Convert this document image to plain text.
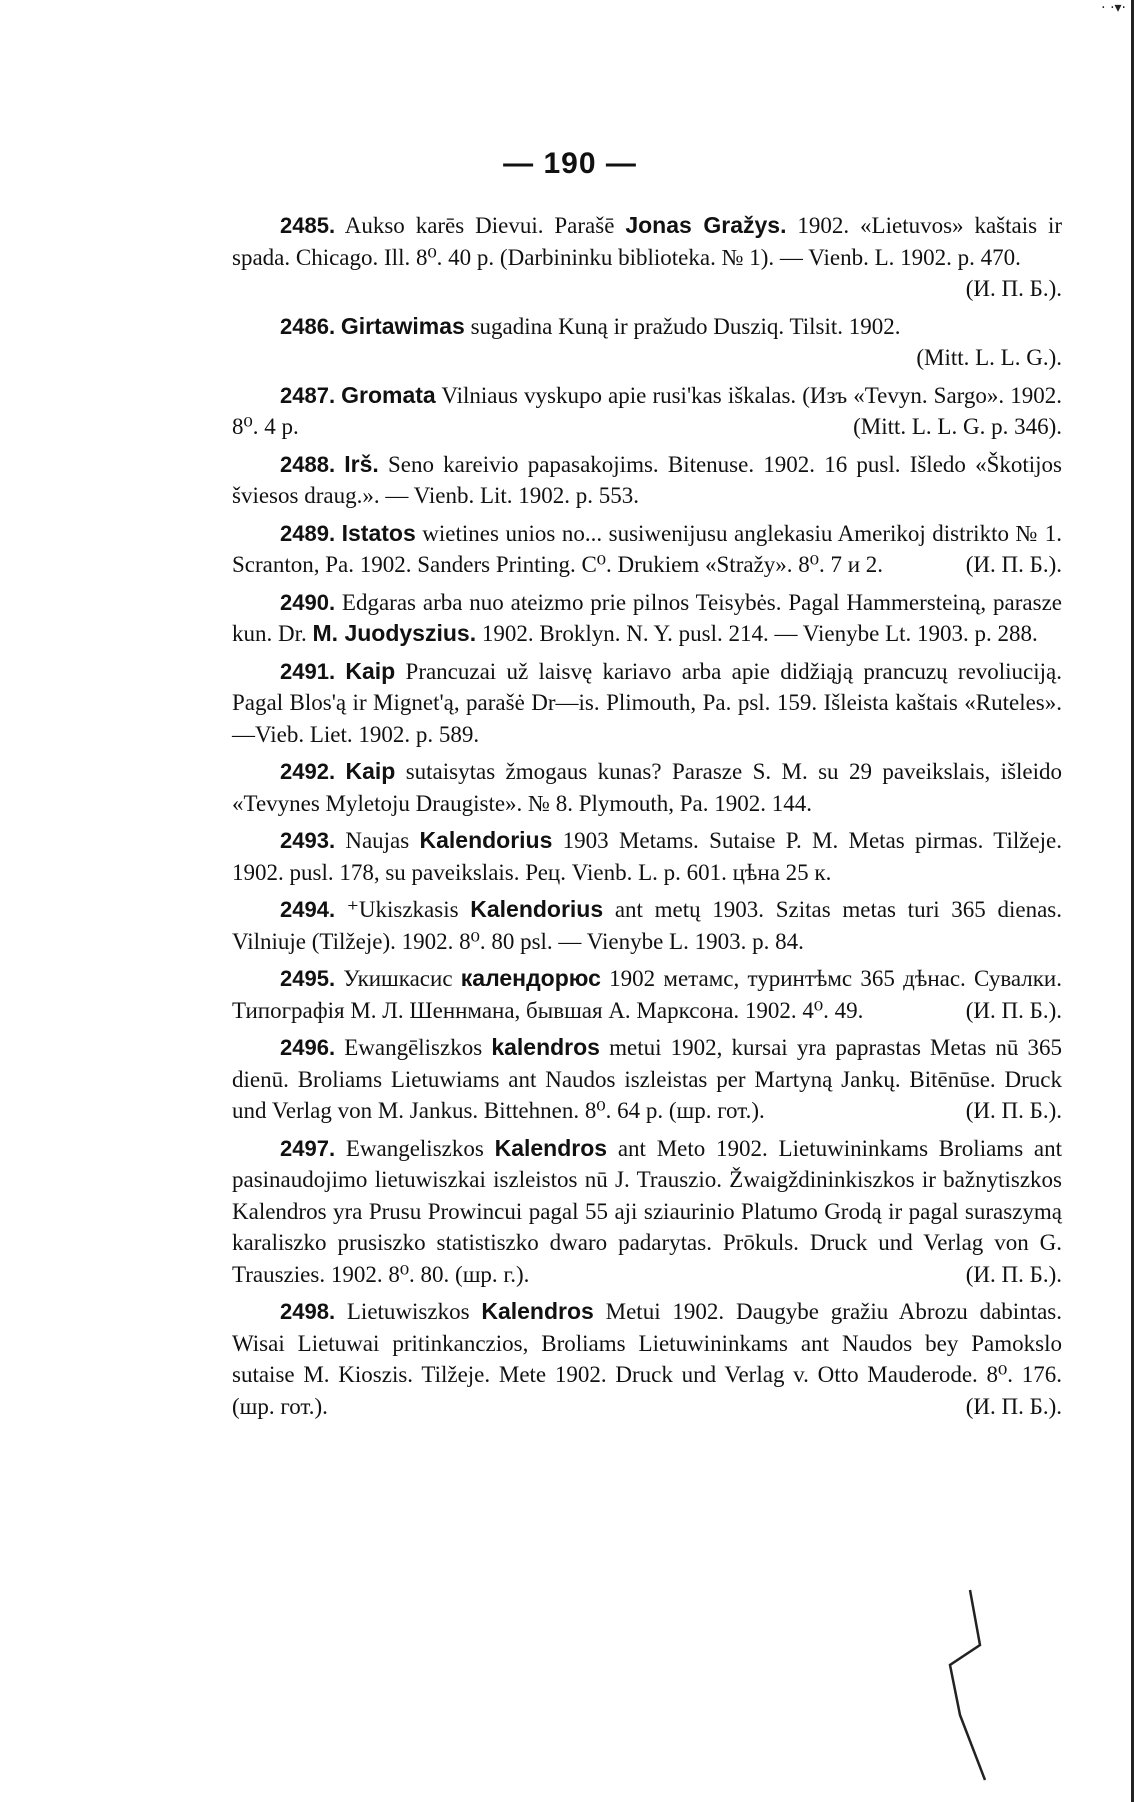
· ·▾·
— 190 —
2485. Aukso karēs Dievui. Parašē Jonas Gražys. 1902. «Lietuvos» kaštais ir spada. Chicago. Ill. 8⁰. 40 p. (Darbininku biblioteka. № 1). — Vienb. L. 1902. p. 470.
(И. П. Б.).
2486. Girtawimas sugadina Kuną ir pražudo Dusziq. Tilsit. 1902.
(Mitt. L. L. G.).
2487. Gromata Vilniaus vyskupo apie rusi'kas iškalas. (Изъ «Tevyn. Sargo». 1902. 8⁰. 4 p.	(Mitt. L. L. G. p. 346).
2488. Irš. Seno kareivio papasakojims. Bitenuse. 1902. 16 pusl. Išledo «Škotijos šviesos draug.». — Vienb. Lit. 1902. p. 553.
2489. Istatos wietines unios no... susiwenijusu anglekasiu Amerikoj distrikto № 1. Scranton, Pa. 1902. Sanders Printing. C⁰. Drukiem «Stražy». 8⁰. 7 и 2.	(И. П. Б.).
2490. Edgaras arba nuo ateizmo prie pilnos Teisybės. Pagal Hammersteiną, parasze kun. Dr. M. Juodyszius. 1902. Broklyn. N. Y. pusl. 214. — Vienybe Lt. 1903. p. 288.
2491. Kaip Prancuzai už laisvę kariavo arba apie didžiąją prancuzų revoliuciją. Pagal Blos'ą ir Mignet'ą, parašė Dr—is. Plimouth, Pa. psl. 159. Išleista kaštais «Ruteles».—Vieb. Liet. 1902. p. 589.
2492. Kaip sutaisytas žmogaus kunas? Parasze S. M. su 29 paveikslais, išleido «Tevynes Myletoju Draugiste». № 8. Plymouth, Pa. 1902. 144.
2493. Naujas Kalendorius 1903 Metams. Sutaise P. M. Metas pirmas. Tilžeje. 1902. pusl. 178, su paveikslais. Рец. Vienb. L. p. 601. цѣна 25 к.
2494. ⁺Ukiszkasis Kalendorius ant metų 1903. Szitas metas turi 365 dienas. Vilniuje (Tilžeje). 1902. 8⁰. 80 psl. — Vienybe L. 1903. p. 84.
2495. Укишкасис календорюс 1902 метамс, туринтѣмс 365 дѣнас. Сувалки. Типографія М. Л. Шеннмана, бывшая А. Марксона. 1902. 4⁰. 49.	(И. П. Б.).
2496. Ewangēliszkos kalendros metui 1902, kursai yra paprastas Metas nū 365 dienū. Broliams Lietuwiams ant Naudos iszleistas per Martyną Jankų. Bitēnūse. Druck und Verlag von M. Jankus. Bittehnen. 8⁰. 64 p. (шр. гот.).	(И. П. Б.).
2497. Ewangeliszkos Kalendros ant Meto 1902. Lietuwininkams Broliams ant pasinaudojimo lietuwiszkai iszleistos nū J. Trauszio. Žwaigždininkiszkos ir bažnytiszkos Kalendros yra Prusu Prowincui pagal 55 aji sziaurinio Platumo Grodą ir pagal suraszymą karaliszko prusiszko statistiszko dwaro padarytas. Prōkuls. Druck und Verlag von G. Trauszies. 1902. 8⁰. 80. (шр. г.).	(И. П. Б.).
2498. Lietuwiszkos Kalendros Metui 1902. Daugybe gražiu Abrozu dabintas. Wisai Lietuwai pritinkanczios, Broliams Lietuwininkams ant Naudos bey Pamokslo sutaise M. Kioszis. Tilžeje. Mete 1902. Druck und Verlag v. Otto Mauderode. 8⁰. 176. (шр. гот.).	(И. П. Б.).
